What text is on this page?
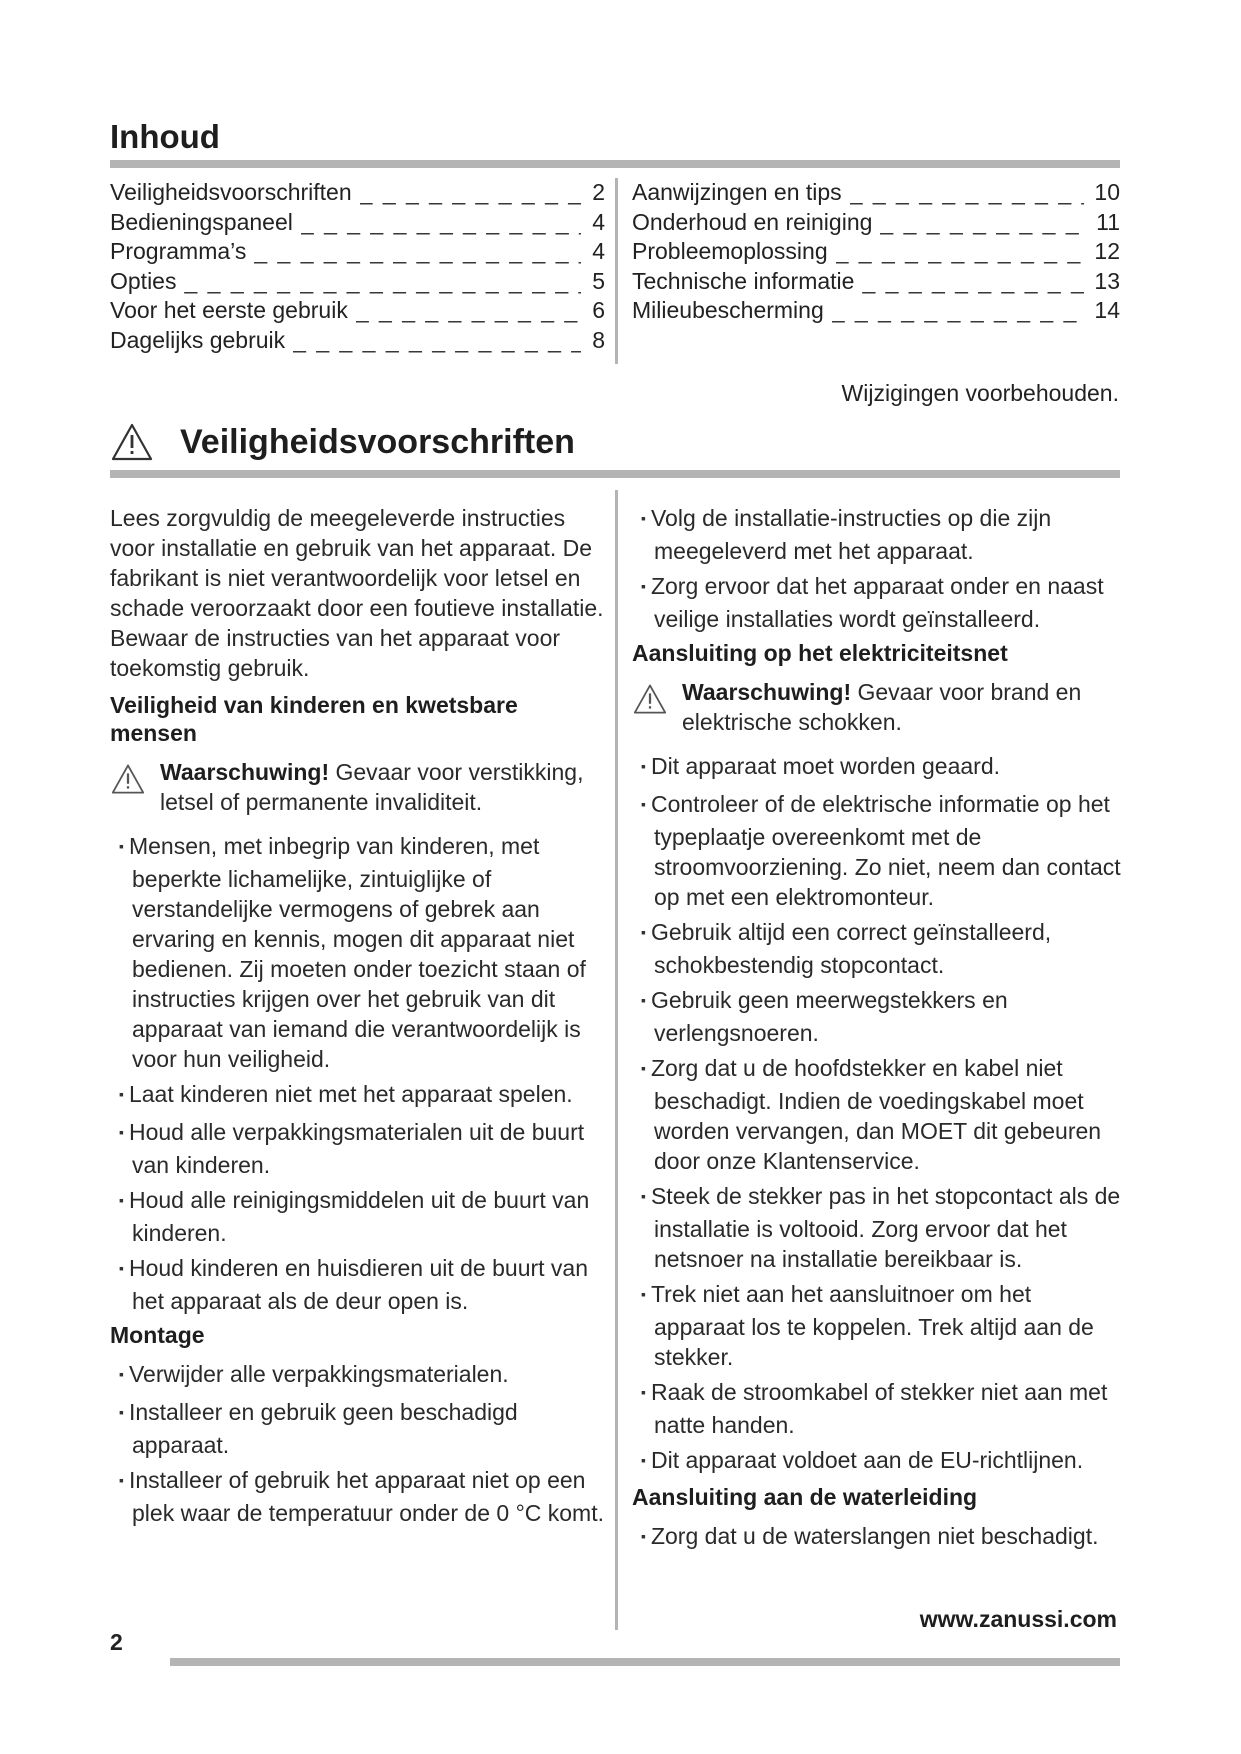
Inhoud
Veiligheidsvoorschriften _ _ _	2
Bedieningspaneel _ _ _	4
Programma’s _ _ _	4
Opties _ _ _	5
Voor het eerste gebruik _ _ _	6
Dagelijks gebruik _ _ _	8
Aanwijzingen en tips _ _ _	10
Onderhoud en reiniging _ _ _	11
Probleemoplossing _ _ _	12
Technische informatie _ _ _	13
Milieubescherming _ _ _	14
Wijzigingen voorbehouden.
Veiligheidsvoorschriften

Lees zorgvuldig de meegeleverde instructies voor installatie en gebruik van het apparaat. De fabrikant is niet verantwoordelijk voor letsel en schade veroorzaakt door een foutieve installatie. Bewaar de instructies van het apparaat voor toekomstig gebruik.

Veiligheid van kinderen en kwetsbare mensen
Waarschuwing! Gevaar voor verstikking, letsel of permanente invaliditeit.
▪ Mensen, met inbegrip van kinderen, met beperkte lichamelijke, zintuiglijke of verstandelijke vermogens of gebrek aan ervaring en kennis, mogen dit apparaat niet bedienen. Zij moeten onder toezicht staan of instructies krijgen over het gebruik van dit apparaat van iemand die verantwoordelijk is voor hun veiligheid.
▪ Laat kinderen niet met het apparaat spelen.
▪ Houd alle verpakkingsmaterialen uit de buurt van kinderen.
▪ Houd alle reinigingsmiddelen uit de buurt van kinderen.
▪ Houd kinderen en huisdieren uit de buurt van het apparaat als de deur open is.
Montage
▪ Verwijder alle verpakkingsmaterialen.
▪ Installeer en gebruik geen beschadigd apparaat.
▪ Installeer of gebruik het apparaat niet op een plek waar de temperatuur onder de 0 °C komt.
▪ Volg de installatie-instructies op die zijn meegeleverd met het apparaat.
▪ Zorg ervoor dat het apparaat onder en naast veilige installaties wordt geïnstalleerd.
Aansluiting op het elektriciteitsnet
Waarschuwing! Gevaar voor brand en elektrische schokken.
▪ Dit apparaat moet worden geaard.
▪ Controleer of de elektrische informatie op het typeplaatje overeenkomt met de stroomvoorziening. Zo niet, neem dan contact op met een elektromonteur.
▪ Gebruik altijd een correct geïnstalleerd, schokbestendig stopcontact.
▪ Gebruik geen meerwegstekkers en verlengsnoeren.
▪ Zorg dat u de hoofdstekker en kabel niet beschadigt. Indien de voedingskabel moet worden vervangen, dan MOET dit gebeuren door onze Klantenservice.
▪ Steek de stekker pas in het stopcontact als de installatie is voltooid. Zorg ervoor dat het netsnoer na installatie bereikbaar is.
▪ Trek niet aan het aansluitnoer om het apparaat los te koppelen. Trek altijd aan de stekker.
▪ Raak de stroomkabel of stekker niet aan met natte handen.
▪ Dit apparaat voldoet aan de EU-richtlijnen.
Aansluiting aan de waterleiding
▪ Zorg dat u de waterslangen niet beschadigt.
www.zanussi.com
2
